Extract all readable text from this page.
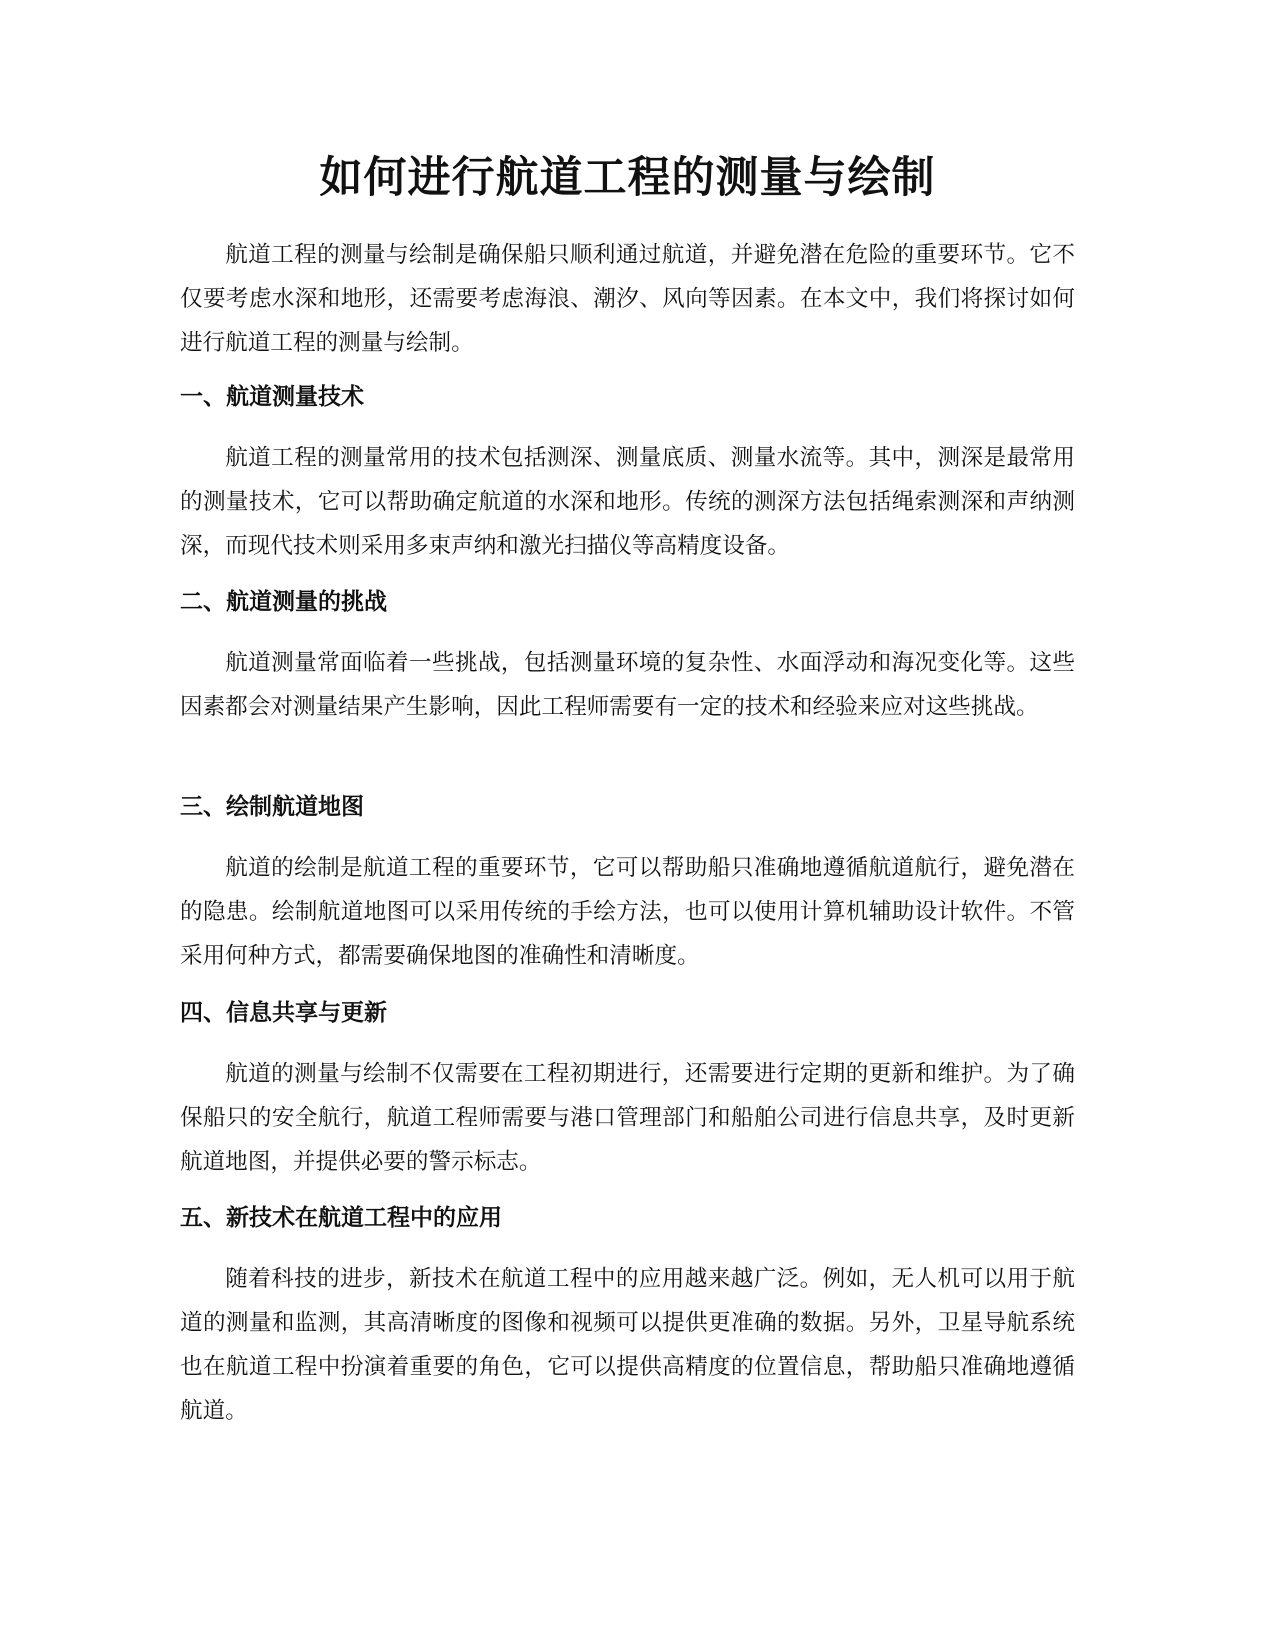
如何进行航道工程的测量与绘制

航道工程的测量与绘制是确保船只顺利通过航道，并避免潜在危险的重要环节。它不仅要考虑水深和地形，还需要考虑海浪、潮汐、风向等因素。在本文中，我们将探讨如何进行航道工程的测量与绘制。

一、航道测量技术

航道工程的测量常用的技术包括测深、测量底质、测量水流等。其中，测深是最常用的测量技术，它可以帮助确定航道的水深和地形。传统的测深方法包括绳索测深和声纳测深，而现代技术则采用多束声纳和激光扫描仪等高精度设备。

二、航道测量的挑战

航道测量常面临着一些挑战，包括测量环境的复杂性、水面浮动和海况变化等。这些因素都会对测量结果产生影响，因此工程师需要有一定的技术和经验来应对这些挑战。

三、绘制航道地图

航道的绘制是航道工程的重要环节，它可以帮助船只准确地遵循航道航行，避免潜在的隐患。绘制航道地图可以采用传统的手绘方法，也可以使用计算机辅助设计软件。不管采用何种方式，都需要确保地图的准确性和清晰度。

四、信息共享与更新

航道的测量与绘制不仅需要在工程初期进行，还需要进行定期的更新和维护。为了确保船只的安全航行，航道工程师需要与港口管理部门和船舶公司进行信息共享，及时更新航道地图，并提供必要的警示标志。

五、新技术在航道工程中的应用

随着科技的进步，新技术在航道工程中的应用越来越广泛。例如，无人机可以用于航道的测量和监测，其高清晰度的图像和视频可以提供更准确的数据。另外，卫星导航系统也在航道工程中扮演着重要的角色，它可以提供高精度的位置信息，帮助船只准确地遵循航道。
